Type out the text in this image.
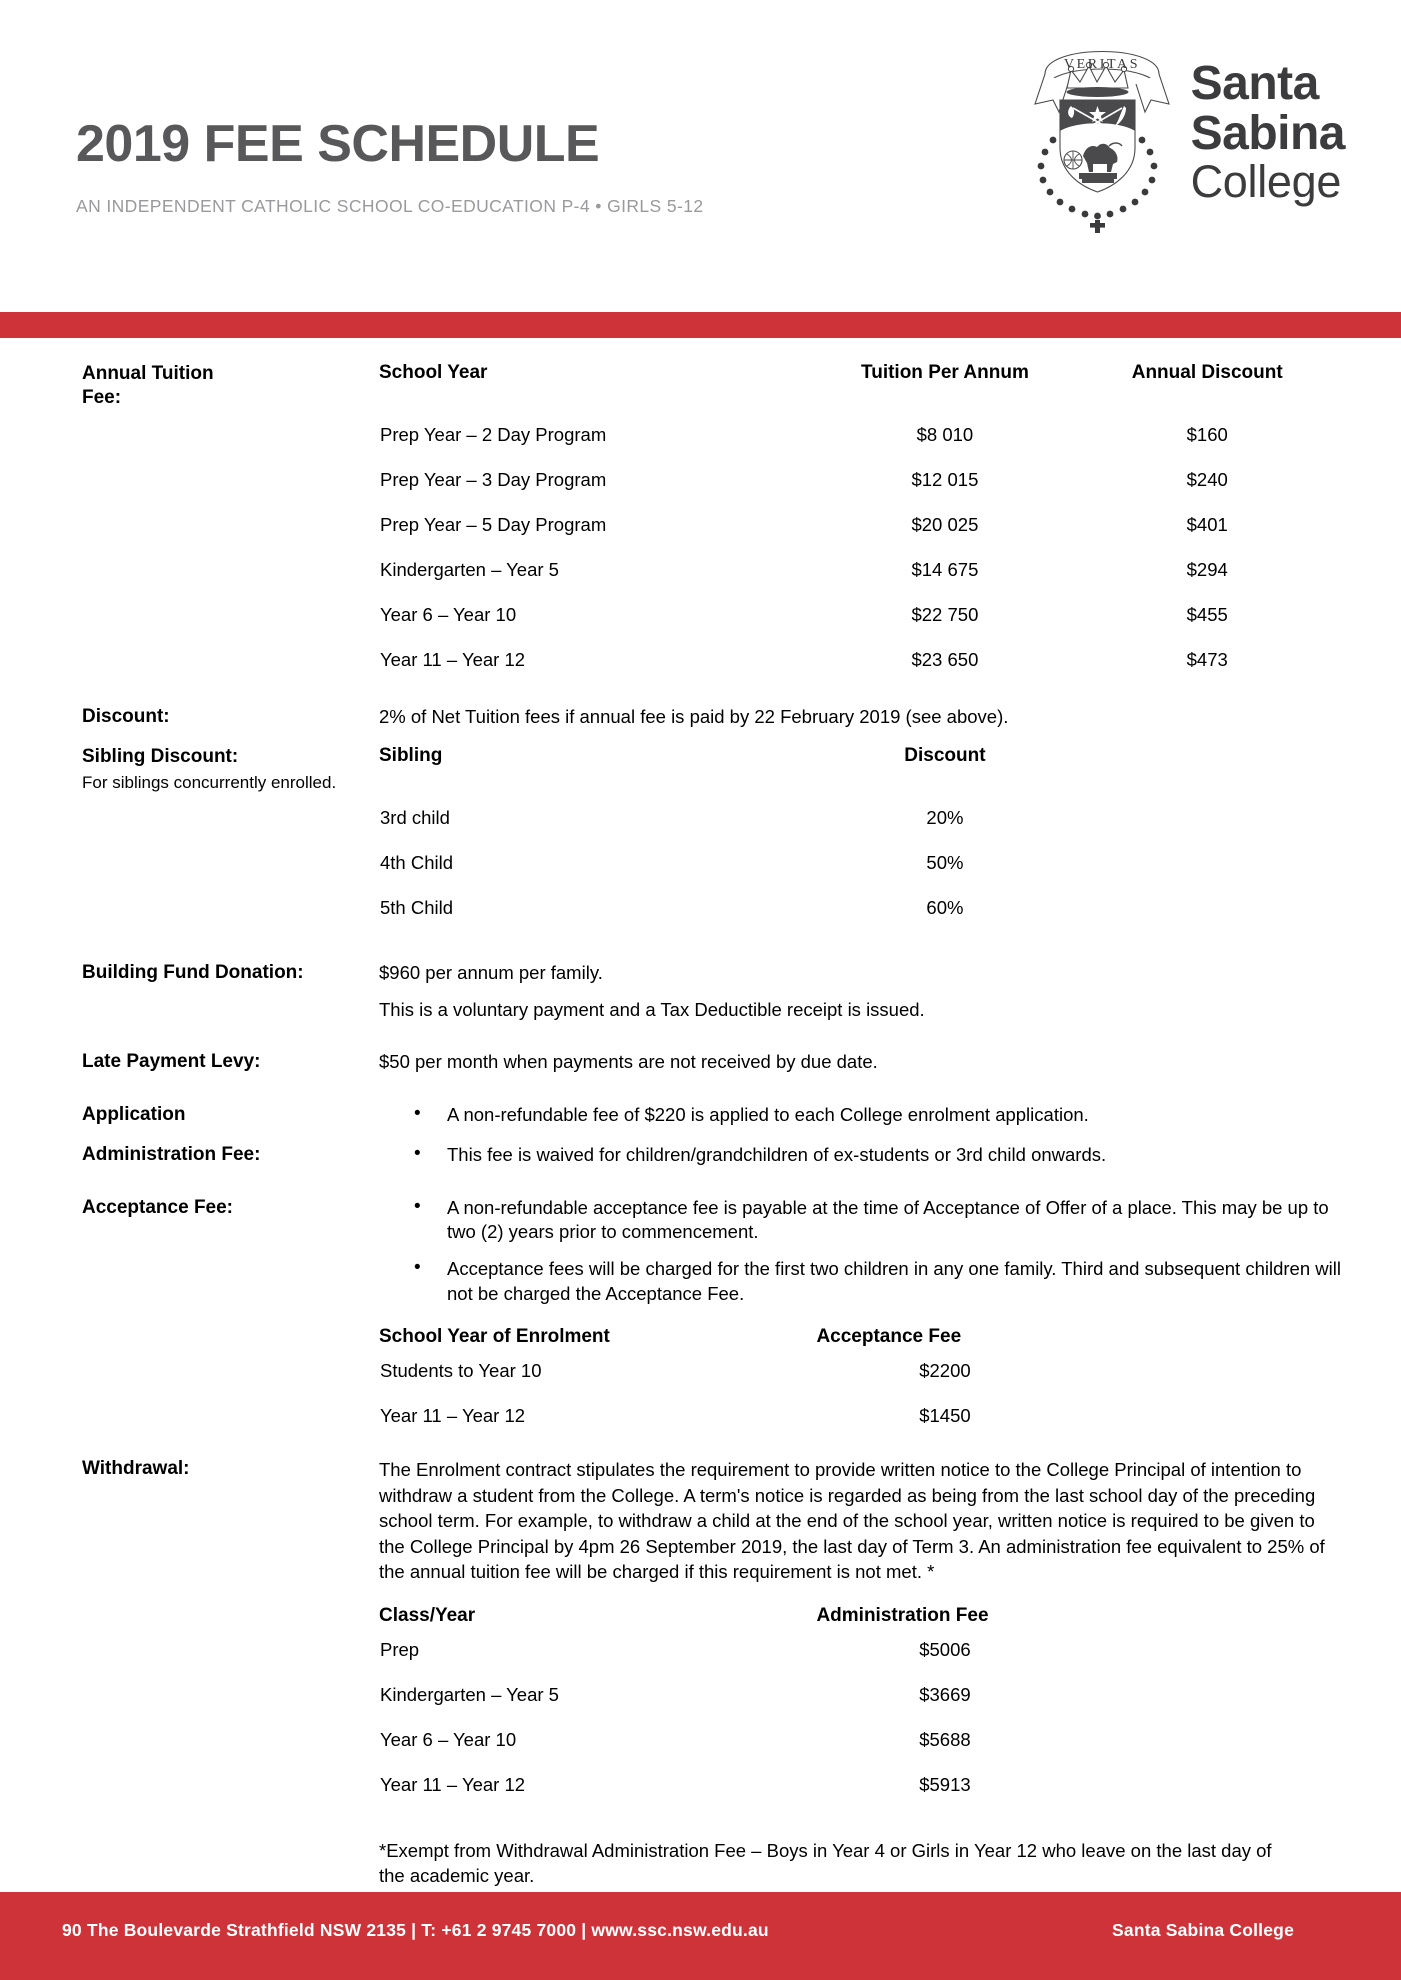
2019 FEE SCHEDULE
AN INDEPENDENT CATHOLIC SCHOOL CO-EDUCATION P-4 • GIRLS 5-12
VERITAS Santa
Sabina
College
Annual Tuition
Fee:
School Year	Tuition Per Annum	Annual Discount

Prep Year – 2 Day Program	$8 010	$160
Prep Year – 3 Day Program	$12 015	$240
Prep Year – 5 Day Program	$20 025	$401
Kindergarten – Year 5	$14 675	$294
Year 6 – Year 10	$22 750	$455
Year 11 – Year 12	$23 650	$473
Discount:	2% of Net Tuition fees if annual fee is paid by 22 February 2019 (see above).
Sibling Discount:
For siblings concurrently enrolled.
Sibling	Discount	

3rd child	20%	
4th Child	50%	
5th Child	60%	
Building Fund Donation:	$960 per annum per family.
This is a voluntary payment and a Tax Deductible receipt is issued.
Late Payment Levy:	$50 per month when payments are not received by due date.
Application	• A non-refundable fee of $220 is applied to each College enrolment application.
Administration Fee:	• This fee is waived for children/grandchildren of ex-students or 3rd child onwards.
Acceptance Fee:	• A non-refundable acceptance fee is payable at the time of Acceptance of Offer of a place. This may be up to two (2) years prior to commencement.
• Acceptance fees will be charged for the first two children in any one family. Third and subsequent children will not be charged the Acceptance Fee.
School Year of Enrolment	Acceptance Fee	
Students to Year 10	$2200	
Year 11 – Year 12	$1450	
Withdrawal:	The Enrolment contract stipulates the requirement to provide written notice to the College Principal of intention to withdraw a student from the College. A term's notice is regarded as being from the last school day of the preceding school term. For example, to withdraw a child at the end of the school year, written notice is required to be given to the College Principal by 4pm 26 September 2019, the last day of Term 3. An administration fee equivalent to 25% of the annual tuition fee will be charged if this requirement is not met. *
Class/Year	Administration Fee	
Prep	$5006	
Kindergarten – Year 5	$3669	
Year 6 – Year 10	$5688	
Year 11 – Year 12	$5913	
*Exempt from Withdrawal Administration Fee – Boys in Year 4 or Girls in Year 12 who leave on the last day of the academic year.
90 The Boulevarde Strathfield NSW 2135 | T: +61 2 9745 7000 | www.ssc.nsw.edu.au	Santa Sabina College
